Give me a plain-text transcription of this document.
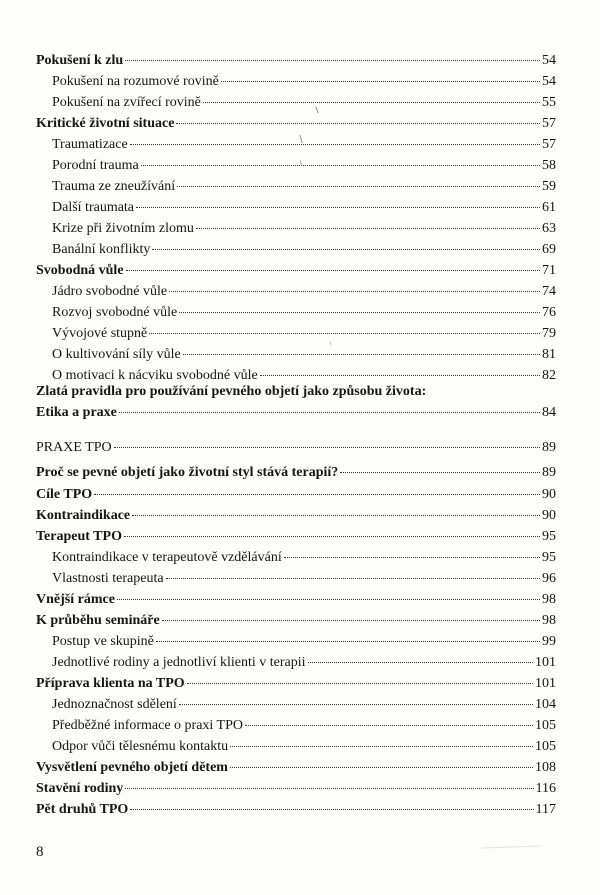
Pokušení k zlu	54
Pokušení na rozumové rovině	54
Pokušení na zvířecí rovině	55
Kritické životní situace	57
Traumatizace	57
Porodní trauma	58
Trauma ze zneužívání	59
Další traumata	61
Krize při životním zlomu	63
Banální konflikty	69
Svobodná vůle	71
Jádro svobodné vůle	74
Rozvoj svobodné vůle	76
Vývojové stupně	79
O kultivování síly vůle	81
O motivaci k nácviku svobodné vůle	82
Zlatá pravidla pro používání pevného objetí jako způsobu života:
Etika a praxe	84
PRAXE TPO	89
Proč se pevné objetí jako životní styl stává terapií?	89
Cíle TPO	90
Kontraindikace	90
Terapeut TPO	95
Kontraindikace v terapeutově vzdělávání	95
Vlastnosti terapeuta	96
Vnější rámce	98
K průběhu semináře	98
Postup ve skupině	99
Jednotlivé rodiny a jednotliví klienti v terapii	101
Příprava klienta na TPO	101
Jednoznačnost sdělení	104
Předběžné informace o praxi TPO	105
Odpor vůči tělesnému kontaktu	105
Vysvětlení pevného objetí dětem	108
Stavění rodiny	116
Pět druhů TPO	117
8
